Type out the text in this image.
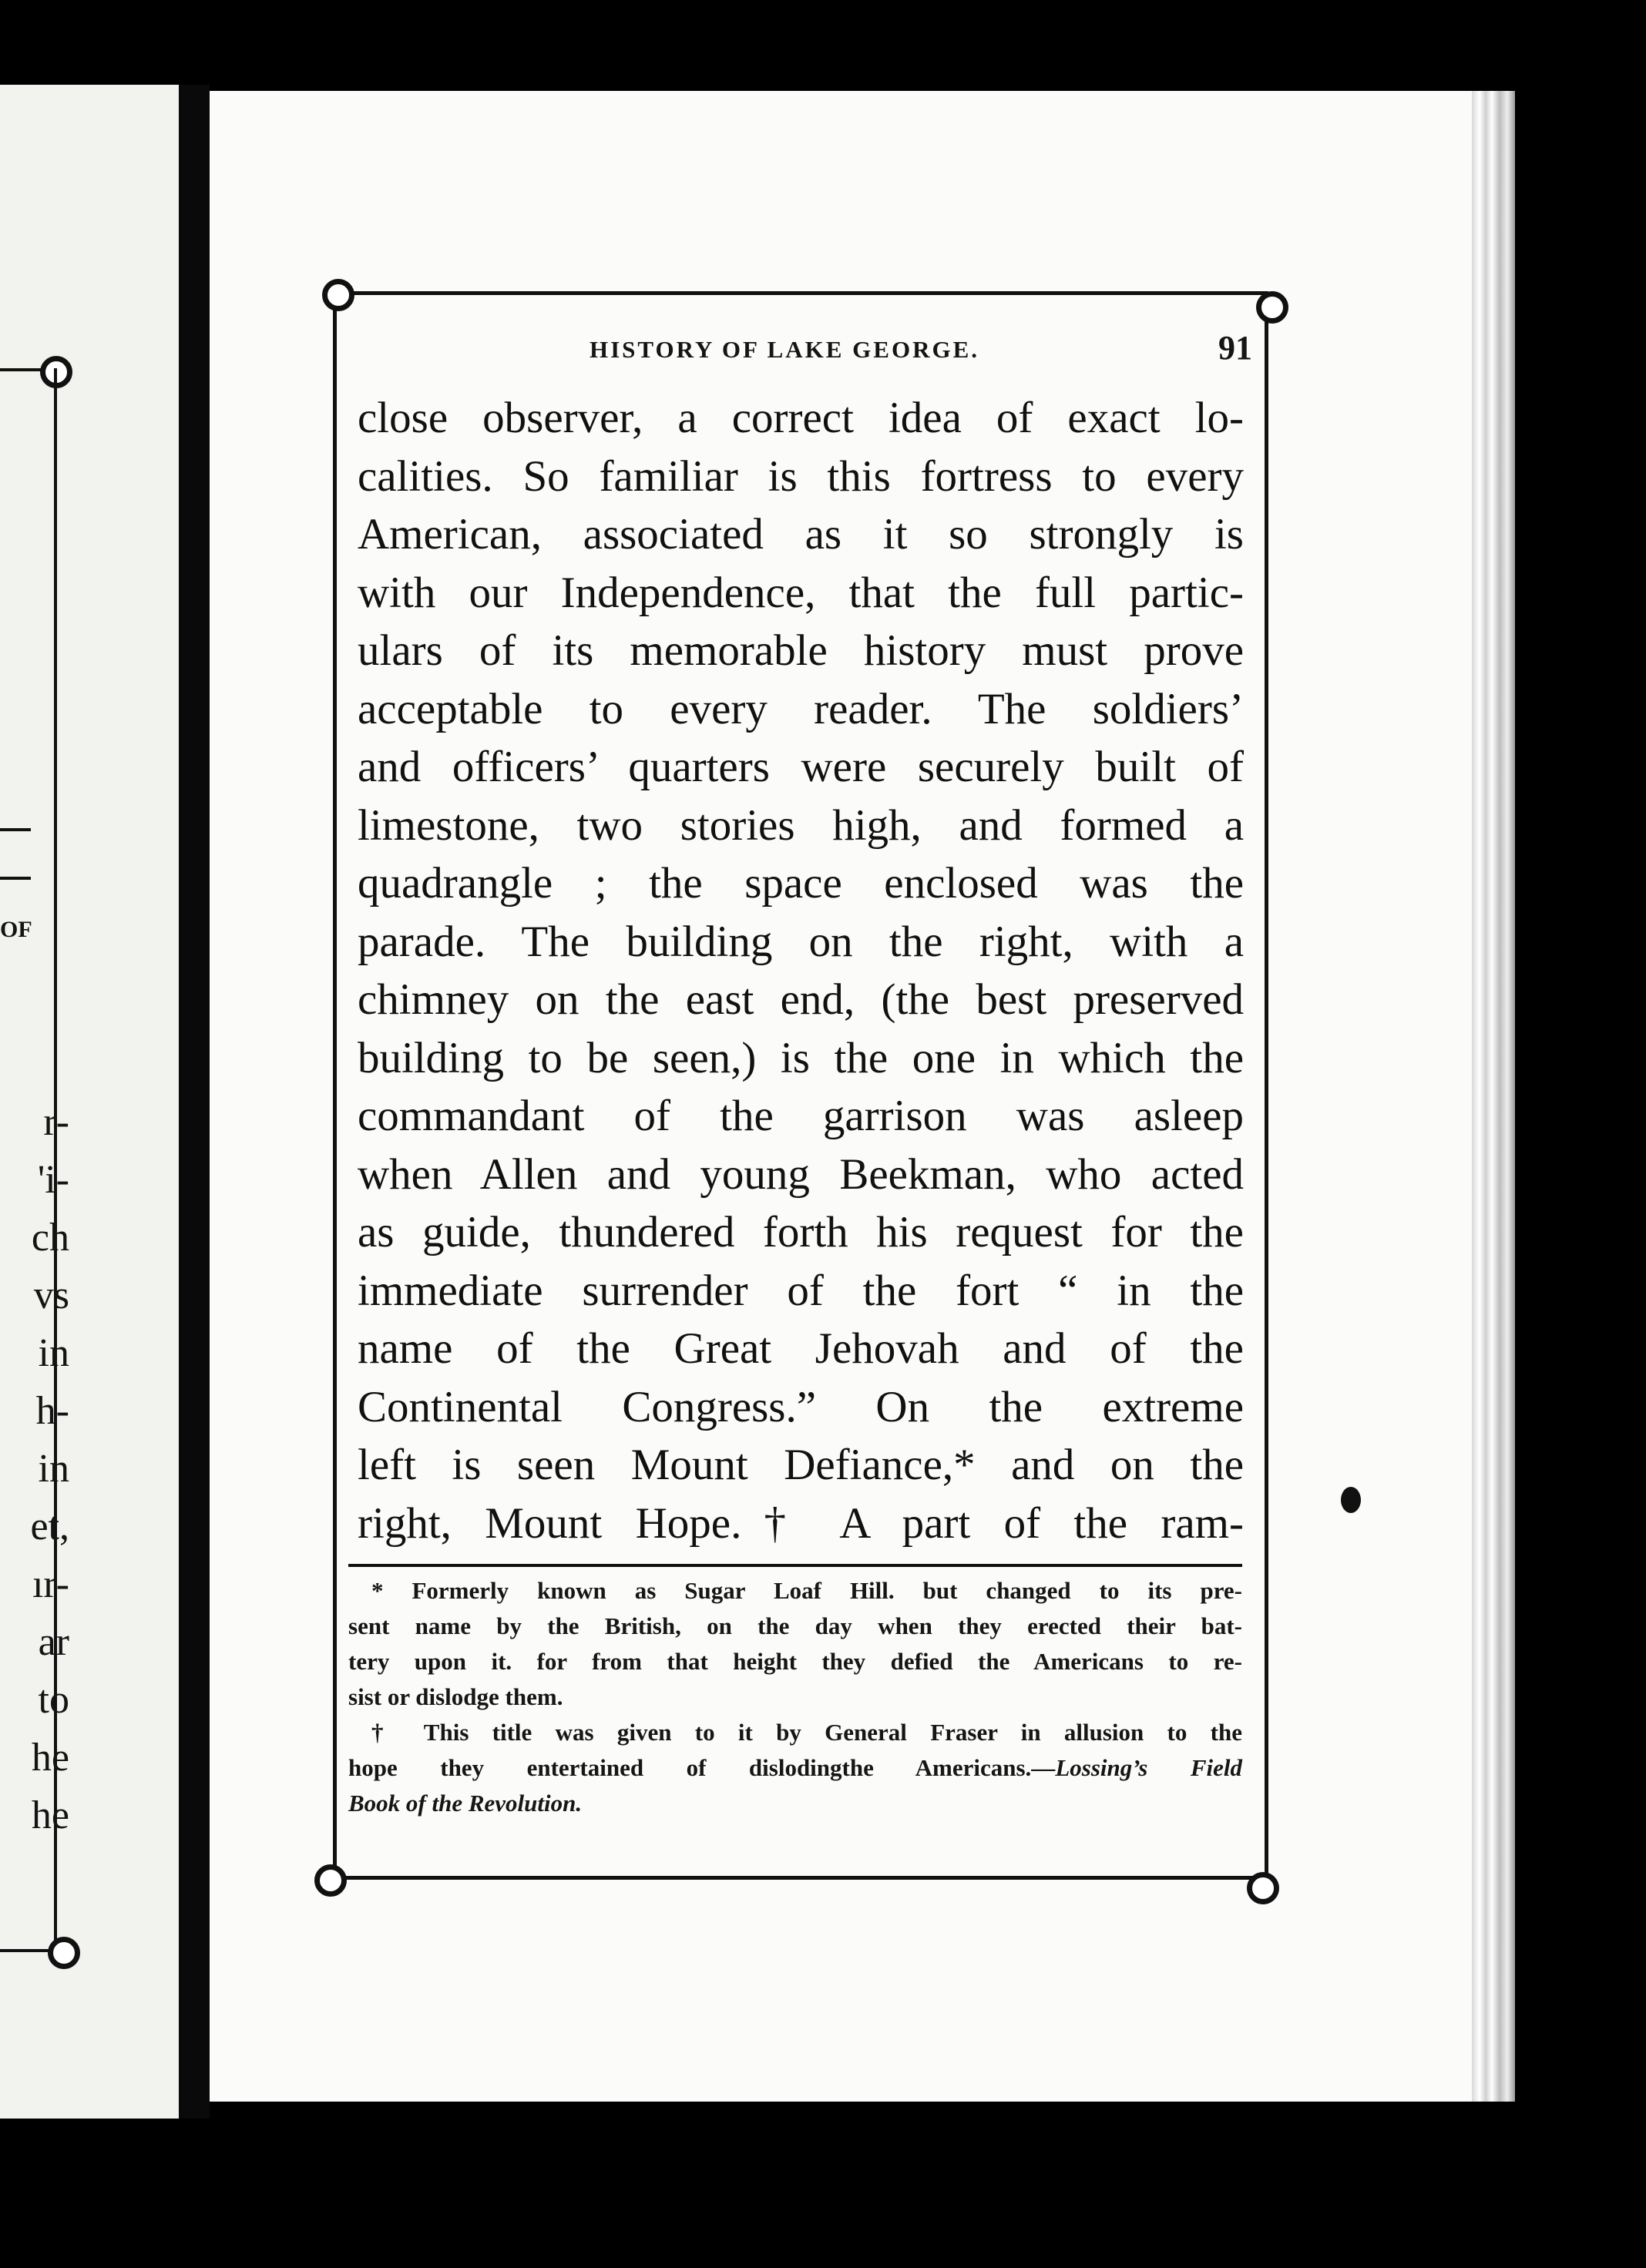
OF
r-
'i-
ch
vs
in
h-
in
et,
ır-
ar
to
he
he
HISTORY OF LAKE GEORGE.	91
close observer, a correct idea of exact lo-
calities. So familiar is this fortress to every
American, associated as it so strongly is
with our Independence, that the full partic-
ulars of its memorable history must prove
acceptable to every reader. The soldiers’
and officers’ quarters were securely built of
limestone, two stories high, and formed a
quadrangle ; the space enclosed was the
parade. The building on the right, with a
chimney on the east end, (the best preserved
building to be seen,) is the one in which the
commandant of the garrison was asleep
when Allen and young Beekman, who acted
as guide, thundered forth his request for the
immediate surrender of the fort “ in the
name of the Great Jehovah and of the
Continental Congress.” On the extreme
left is seen Mount Defiance,* and on the
right, Mount Hope.† A part of the ram-
* Formerly known as Sugar Loaf Hill. but changed to its pre-
sent name by the British, on the day when they erected their bat-
tery upon it. for from that height they defied the Americans to re-
sist or dislodge them.
† This title was given to it by General Fraser in allusion to the
hope they entertained of dislodingthe Americans.—Lossing’s Field
Book of the Revolution.
